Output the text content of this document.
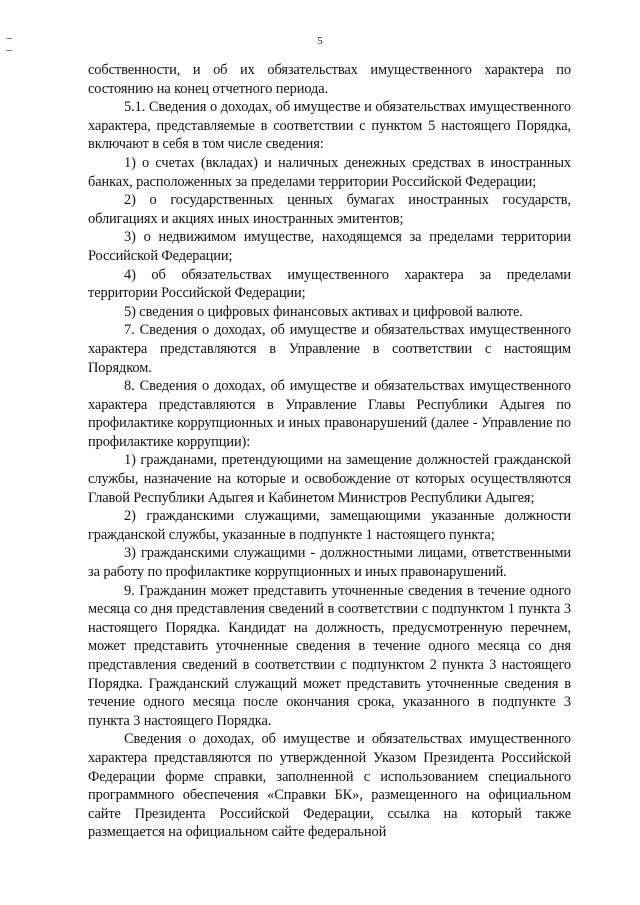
5

собственности, и об их обязательствах имущественного характера по состоянию на конец отчетного периода.

5.1. Сведения о доходах, об имуществе и обязательствах имущественного характера, представляемые в соответствии с пунктом 5 настоящего Порядка, включают в себя в том числе сведения:

1) о счетах (вкладах) и наличных денежных средствах в иностранных банках, расположенных за пределами территории Российской Федерации;

2) о государственных ценных бумагах иностранных государств, облигациях и акциях иных иностранных эмитентов;

3) о недвижимом имуществе, находящемся за пределами территории Российской Федерации;

4) об обязательствах имущественного характера за пределами территории Российской Федерации;

5) сведения о цифровых финансовых активах и цифровой валюте.

7. Сведения о доходах, об имуществе и обязательствах имущественного характера представляются в Управление в соответствии с настоящим Порядком.

8. Сведения о доходах, об имуществе и обязательствах имущественного характера представляются в Управление Главы Республики Адыгея по профилактике коррупционных и иных правонарушений (далее - Управление по профилактике коррупции):

1) гражданами, претендующими на замещение должностей гражданской службы, назначение на которые и освобождение от которых осуществляются Главой Республики Адыгея и Кабинетом Министров Республики Адыгея;

2) гражданскими служащими, замещающими указанные должности гражданской службы, указанные в подпункте 1 настоящего пункта;

3) гражданскими служащими - должностными лицами, ответственными за работу по профилактике коррупционных и иных правонарушений.

9. Гражданин может представить уточненные сведения в течение одного месяца со дня представления сведений в соответствии с подпунктом 1 пункта 3 настоящего Порядка. Кандидат на должность, предусмотренную перечнем, может представить уточненные сведения в течение одного месяца со дня представления сведений в соответствии с подпунктом 2 пункта 3 настоящего Порядка. Гражданский служащий может представить уточненные сведения в течение одного месяца после окончания срока, указанного в подпункте 3 пункта 3 настоящего Порядка.

Сведения о доходах, об имуществе и обязательствах имущественного характера представляются по утвержденной Указом Президента Российской Федерации форме справки, заполненной с использованием специального программного обеспечения «Справки БК», размещенного на официальном сайте Президента Российской Федерации, ссылка на который также размещается на официальном сайте федеральной
